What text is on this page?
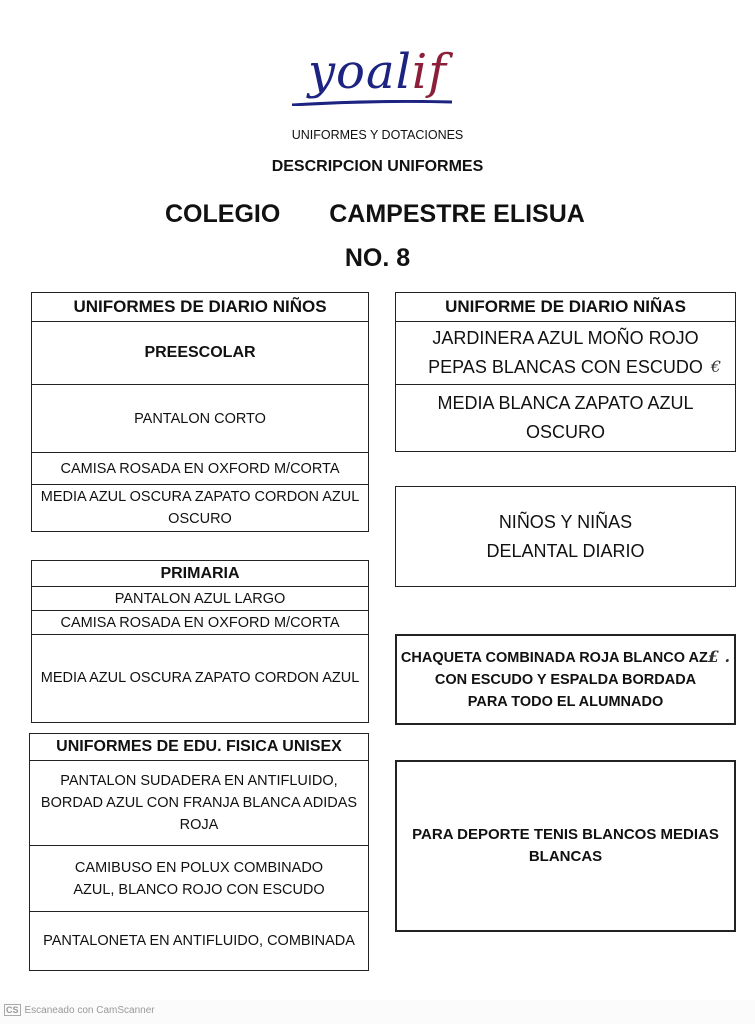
yoalif
UNIFORMES Y DOTACIONES
DESCRIPCION UNIFORMES
COLEGIO CAMPESTRE ELISUA
NO. 8
UNIFORMES DE DIARIO NIÑOS
PREESCOLAR
PANTALON CORTO
CAMISA ROSADA EN OXFORD M/CORTA
MEDIA AZUL OSCURA ZAPATO CORDON AZUL OSCURO
PRIMARIA
PANTALON AZUL LARGO
CAMISA ROSADA EN OXFORD M/CORTA
MEDIA AZUL OSCURA ZAPATO CORDON AZUL
UNIFORMES DE EDU. FISICA UNISEX
PANTALON SUDADERA EN ANTIFLUIDO, BORDAD AZUL CON FRANJA BLANCA ADIDAS ROJA
CAMIBUSO EN POLUX COMBINADO AZUL, BLANCO ROJO CON ESCUDO
PANTALONETA EN ANTIFLUIDO, COMBINADA
UNIFORME DE DIARIO NIÑAS
JARDINERA AZUL MOÑO ROJO PEPAS BLANCAS CON ESCUDO €
MEDIA BLANCA ZAPATO AZUL OSCURO
NIÑOS Y NIÑAS
DELANTAL DIARIO
CHAQUETA COMBINADA ROJA BLANCO AZ£ .
CON ESCUDO Y ESPALDA BORDADA PARA TODO EL ALUMNADO
PARA DEPORTE TENIS BLANCOS MEDIAS BLANCAS
CS Escaneado con CamScanner
